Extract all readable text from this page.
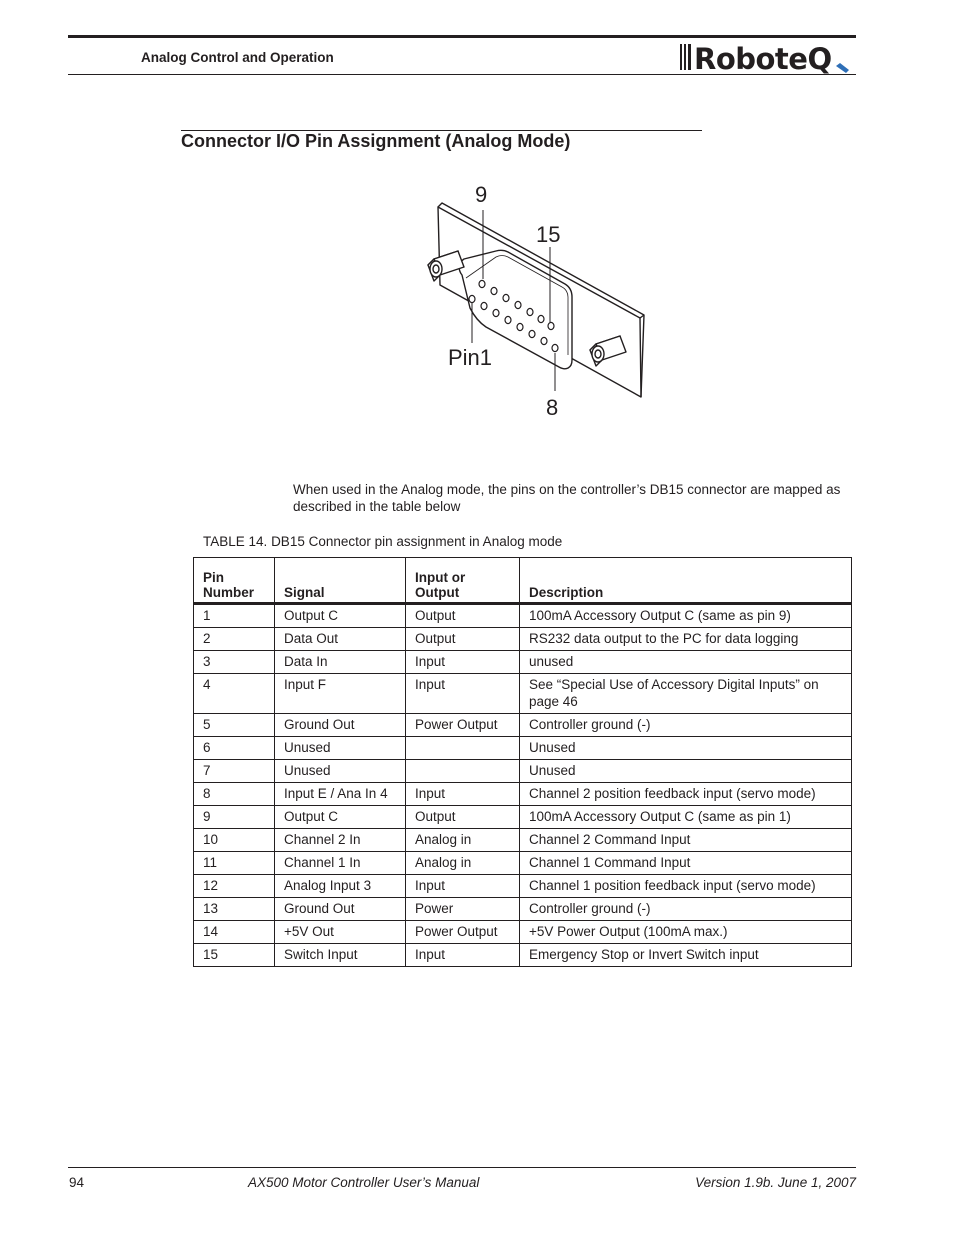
Analog Control and Operation	RoboteQ
Connector I/O Pin Assignment (Analog Mode)
9
15
Pin1
8
When used in the Analog mode, the pins on the controller’s DB15 connector are mapped as described in the table below
TABLE 14. DB15 Connector pin assignment in Analog mode
Pin Number	Signal	Input or Output	Description
1	Output C	Output	100mA Accessory Output C (same as pin 9)
2	Data Out	Output	RS232 data output to the PC for data logging
3	Data In	Input	unused
4	Input F	Input	See “Special Use of Accessory Digital Inputs” on page 46
5	Ground Out	Power Output	Controller ground (-)
6	Unused		Unused
7	Unused		Unused
8	Input E / Ana In 4	Input	Channel 2 position feedback input (servo mode)
9	Output C	Output	100mA Accessory Output C (same as pin 1)
10	Channel 2 In	Analog in	Channel 2 Command Input
11	Channel 1 In	Analog in	Channel 1 Command Input
12	Analog Input 3	Input	Channel 1 position feedback input (servo mode)
13	Ground Out	Power	Controller ground (-)
14	+5V Out	Power Output	+5V Power Output (100mA max.)
15	Switch Input	Input	Emergency Stop or Invert Switch input
94	AX500 Motor Controller User’s Manual	Version 1.9b. June 1, 2007
